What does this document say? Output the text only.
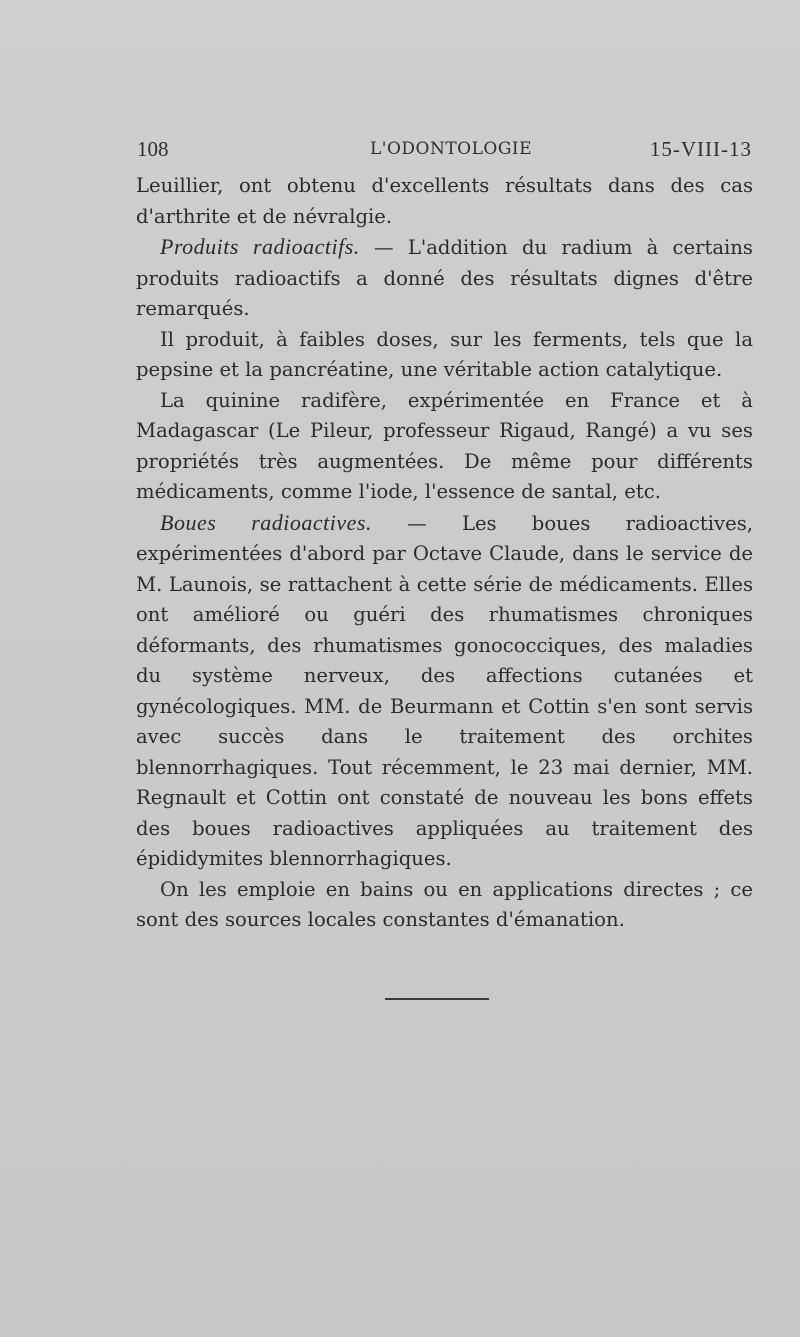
108	L'ODONTOLOGIE	15-VIII-13

Leuillier, ont obtenu d'excellents résultats dans des cas d'arthrite et de névralgie.

Produits radioactifs. — L'addition du radium à certains produits radioactifs a donné des résultats dignes d'être remarqués.

Il produit, à faibles doses, sur les ferments, tels que la pepsine et la pancréatine, une véritable action catalytique.

La quinine radifère, expérimentée en France et à Madagascar (Le Pileur, professeur Rigaud, Rangé) a vu ses propriétés très augmentées. De même pour différents médicaments, comme l'iode, l'essence de santal, etc.

Boues radioactives. — Les boues radioactives, expérimentées d'abord par Octave Claude, dans le service de M. Launois, se rattachent à cette série de médicaments. Elles ont amélioré ou guéri des rhumatismes chroniques déformants, des rhumatismes gonococciques, des maladies du système nerveux, des affections cutanées et gynécologiques. MM. de Beurmann et Cottin s'en sont servis avec succès dans le traitement des orchites blennorrhagiques. Tout récemment, le 23 mai dernier, MM. Regnault et Cottin ont constaté de nouveau les bons effets des boues radioactives appliquées au traitement des épididymites blennorrhagiques.

On les emploie en bains ou en applications directes ; ce sont des sources locales constantes d'émanation.
